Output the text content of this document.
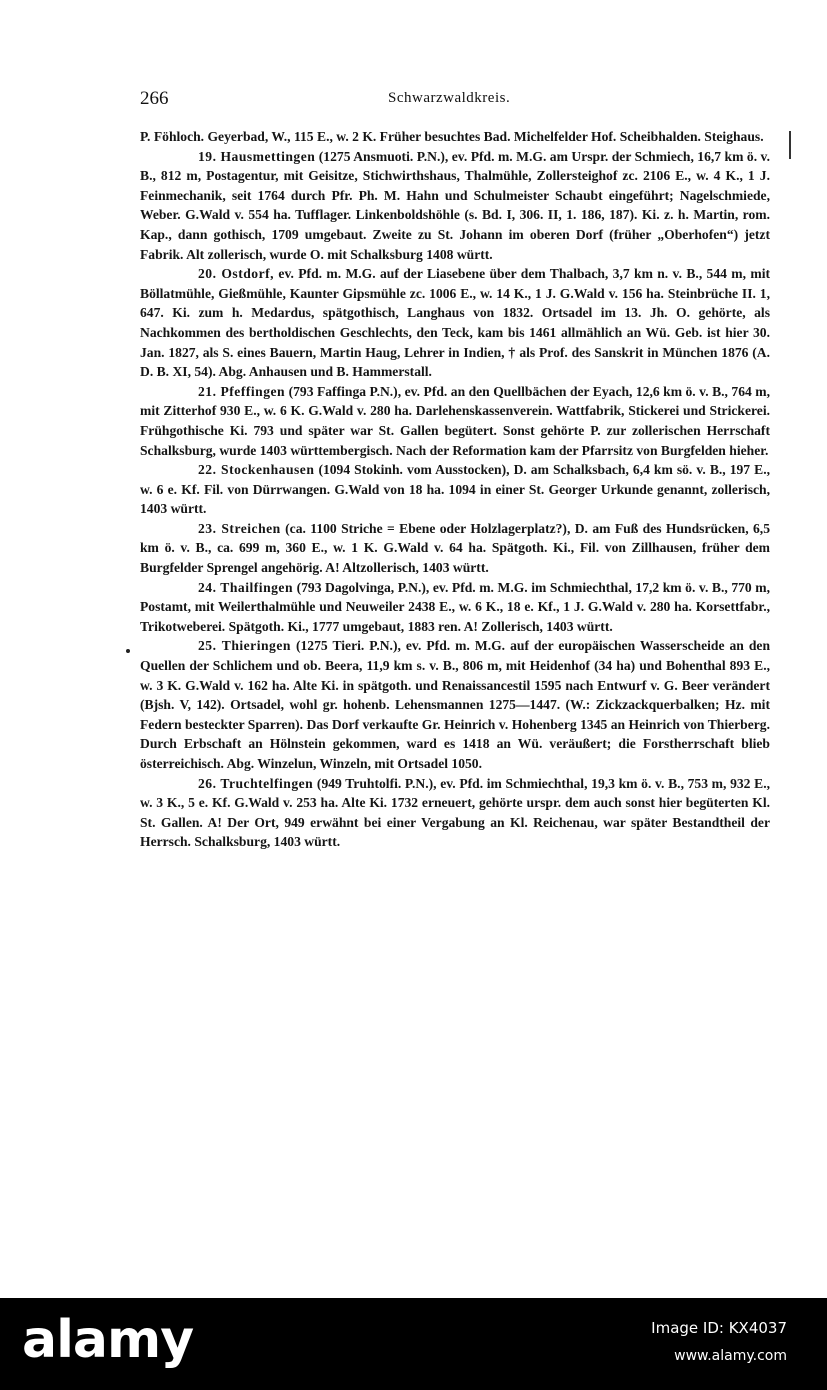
266	Schwarzwaldkreis.

P. Föhloch. Geyerbad, W., 115 E., w. 2 K. Früher besuchtes Bad. Michelfelder Hof. Scheibhalden. Steighaus.

19. Hausmettingen (1275 Ansmuoti. P.N.), ev. Pfd. m. M.G. am Urspr. der Schmiech, 16,7 km ö. v. B., 812 m, Postagentur, mit Geisitze, Stichwirthshaus, Thalmühle, Zollersteighof zc. 2106 E., w. 4 K., 1 J. Feinmechanik, seit 1764 durch Pfr. Ph. M. Hahn und Schulmeister Schaubt eingeführt; Nagelschmiede, Weber. G.Wald v. 554 ha. Tufflager. Linkenboldshöhle (s. Bd. I, 306. II, 1. 186, 187). Ki. z. h. Martin, rom. Kap., dann gothisch, 1709 umgebaut. Zweite zu St. Johann im oberen Dorf (früher „Oberhofen“) jetzt Fabrik. Alt zollerisch, wurde O. mit Schalksburg 1408 württ.

20. Ostdorf, ev. Pfd. m. M.G. auf der Liasebene über dem Thalbach, 3,7 km n. v. B., 544 m, mit Böllatmühle, Gießmühle, Kaunter Gipsmühle zc. 1006 E., w. 14 K., 1 J. G.Wald v. 156 ha. Steinbrüche II. 1, 647. Ki. zum h. Medardus, spätgothisch, Langhaus von 1832. Ortsadel im 13. Jh. O. gehörte, als Nachkommen des bertholdischen Geschlechts, den Teck, kam bis 1461 allmählich an Wü. Geb. ist hier 30. Jan. 1827, als S. eines Bauern, Martin Haug, Lehrer in Indien, † als Prof. des Sanskrit in München 1876 (A. D. B. XI, 54). Abg. Anhausen und B. Hammerstall.

21. Pfeffingen (793 Faffinga P.N.), ev. Pfd. an den Quellbächen der Eyach, 12,6 km ö. v. B., 764 m, mit Zitterhof 930 E., w. 6 K. G.Wald v. 280 ha. Darlehenskassenverein. Wattfabrik, Stickerei und Strickerei. Frühgothische Ki. 793 und später war St. Gallen begütert. Sonst gehörte P. zur zollerischen Herrschaft Schalksburg, wurde 1403 württembergisch. Nach der Reformation kam der Pfarrsitz von Burgfelden hieher.

22. Stockenhausen (1094 Stokinh. vom Ausstocken), D. am Schalksbach, 6,4 km sö. v. B., 197 E., w. 6 e. Kf. Fil. von Dürrwangen. G.Wald von 18 ha. 1094 in einer St. Georger Urkunde genannt, zollerisch, 1403 württ.

23. Streichen (ca. 1100 Striche = Ebene oder Holzlagerplatz?), D. am Fuß des Hundsrücken, 6,5 km ö. v. B., ca. 699 m, 360 E., w. 1 K. G.Wald v. 64 ha. Spätgoth. Ki., Fil. von Zillhausen, früher dem Burgfelder Sprengel angehörig. A! Altzollerisch, 1403 württ.

24. Thailfingen (793 Dagolvinga, P.N.), ev. Pfd. m. M.G. im Schmiechthal, 17,2 km ö. v. B., 770 m, Postamt, mit Weilerthalmühle und Neuweiler 2438 E., w. 6 K., 18 e. Kf., 1 J. G.Wald v. 280 ha. Korsettfabr., Trikotweberei. Spätgoth. Ki., 1777 umgebaut, 1883 ren. A! Zollerisch, 1403 württ.

25. Thieringen (1275 Tieri. P.N.), ev. Pfd. m. M.G. auf der europäischen Wasserscheide an den Quellen der Schlichem und ob. Beera, 11,9 km s. v. B., 806 m, mit Heidenhof (34 ha) und Bohenthal 893 E., w. 3 K. G.Wald v. 162 ha. Alte Ki. in spätgoth. und Renaissancestil 1595 nach Entwurf v. G. Beer verändert (Bjsh. V, 142). Ortsadel, wohl gr. hohenb. Lehensmannen 1275—1447. (W.: Zickzackquerbalken; Hz. mit Federn besteckter Sparren). Das Dorf verkaufte Gr. Heinrich v. Hohenberg 1345 an Heinrich von Thierberg. Durch Erbschaft an Hölnstein gekommen, ward es 1418 an Wü. veräußert; die Forstherrschaft blieb österreichisch. Abg. Winzelun, Winzeln, mit Ortsadel 1050.

26. Truchtelfingen (949 Truhtolfi. P.N.), ev. Pfd. im Schmiechthal, 19,3 km ö. v. B., 753 m, 932 E., w. 3 K., 5 e. Kf. G.Wald v. 253 ha. Alte Ki. 1732 erneuert, gehörte urspr. dem auch sonst hier begüterten Kl. St. Gallen. A! Der Ort, 949 erwähnt bei einer Vergabung an Kl. Reichenau, war später Bestandtheil der Herrsch. Schalksburg, 1403 württ.

alamy	Image ID: KX4037
www.alamy.com
